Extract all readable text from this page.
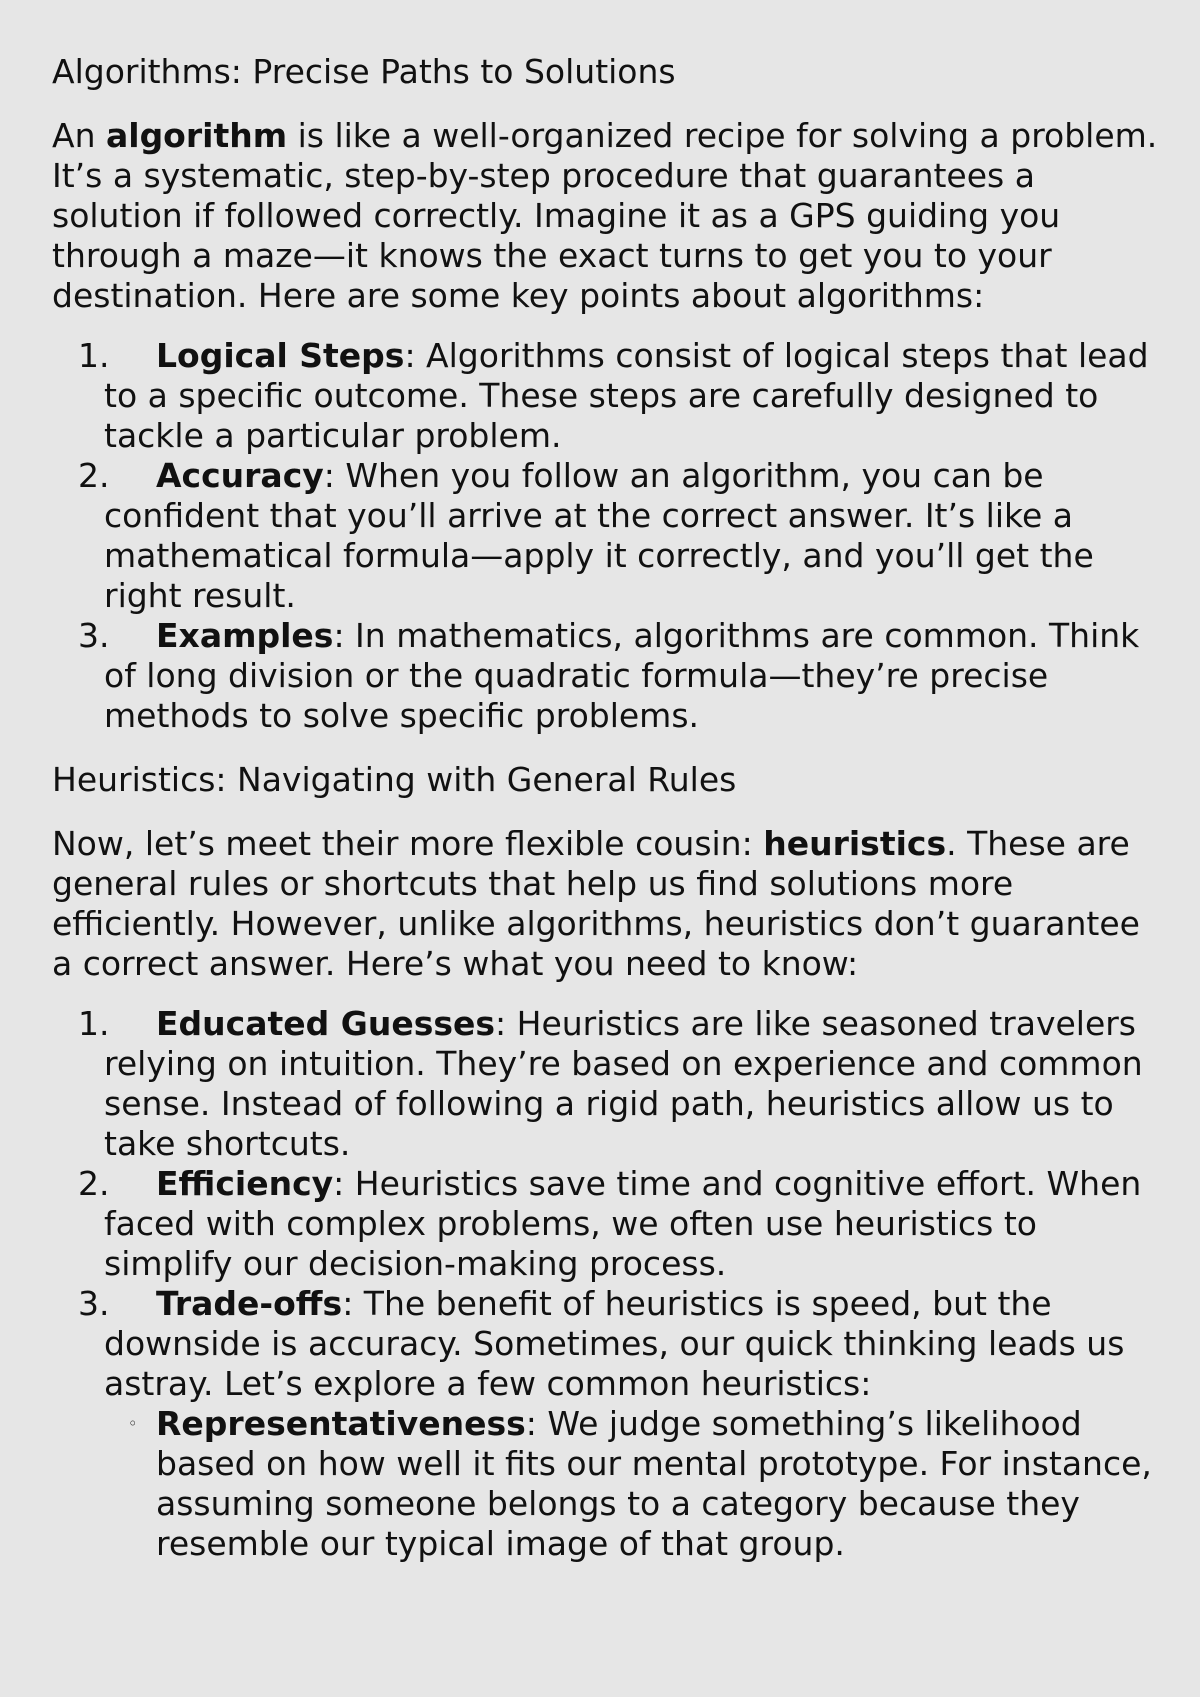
Algorithms: Precise Paths to Solutions

An algorithm is like a well-organized recipe for solving a problem. It’s a systematic, step-by-step procedure that guarantees a solution if followed correctly. Imagine it as a GPS guiding you through a maze—it knows the exact turns to get you to your destination. Here are some key points about algorithms:

1. Logical Steps: Algorithms consist of logical steps that lead to a specific outcome. These steps are carefully designed to tackle a particular problem.
2. Accuracy: When you follow an algorithm, you can be confident that you’ll arrive at the correct answer. It’s like a mathematical formula—apply it correctly, and you’ll get the right result.
3. Examples: In mathematics, algorithms are common. Think of long division or the quadratic formula—they’re precise methods to solve specific problems.
Heuristics: Navigating with General Rules

Now, let’s meet their more flexible cousin: heuristics. These are general rules or shortcuts that help us find solutions more efficiently. However, unlike algorithms, heuristics don’t guarantee a correct answer. Here’s what you need to know:

1. Educated Guesses: Heuristics are like seasoned travelers relying on intuition. They’re based on experience and common sense. Instead of following a rigid path, heuristics allow us to take shortcuts.
2. Efficiency: Heuristics save time and cognitive effort. When faced with complex problems, we often use heuristics to simplify our decision-making process.
3. Trade-offs: The benefit of heuristics is speed, but the downside is accuracy. Sometimes, our quick thinking leads us astray. Let’s explore a few common heuristics:
◦ Representativeness: We judge something’s likelihood based on how well it fits our mental prototype. For instance, assuming someone belongs to a category because they resemble our typical image of that group.
